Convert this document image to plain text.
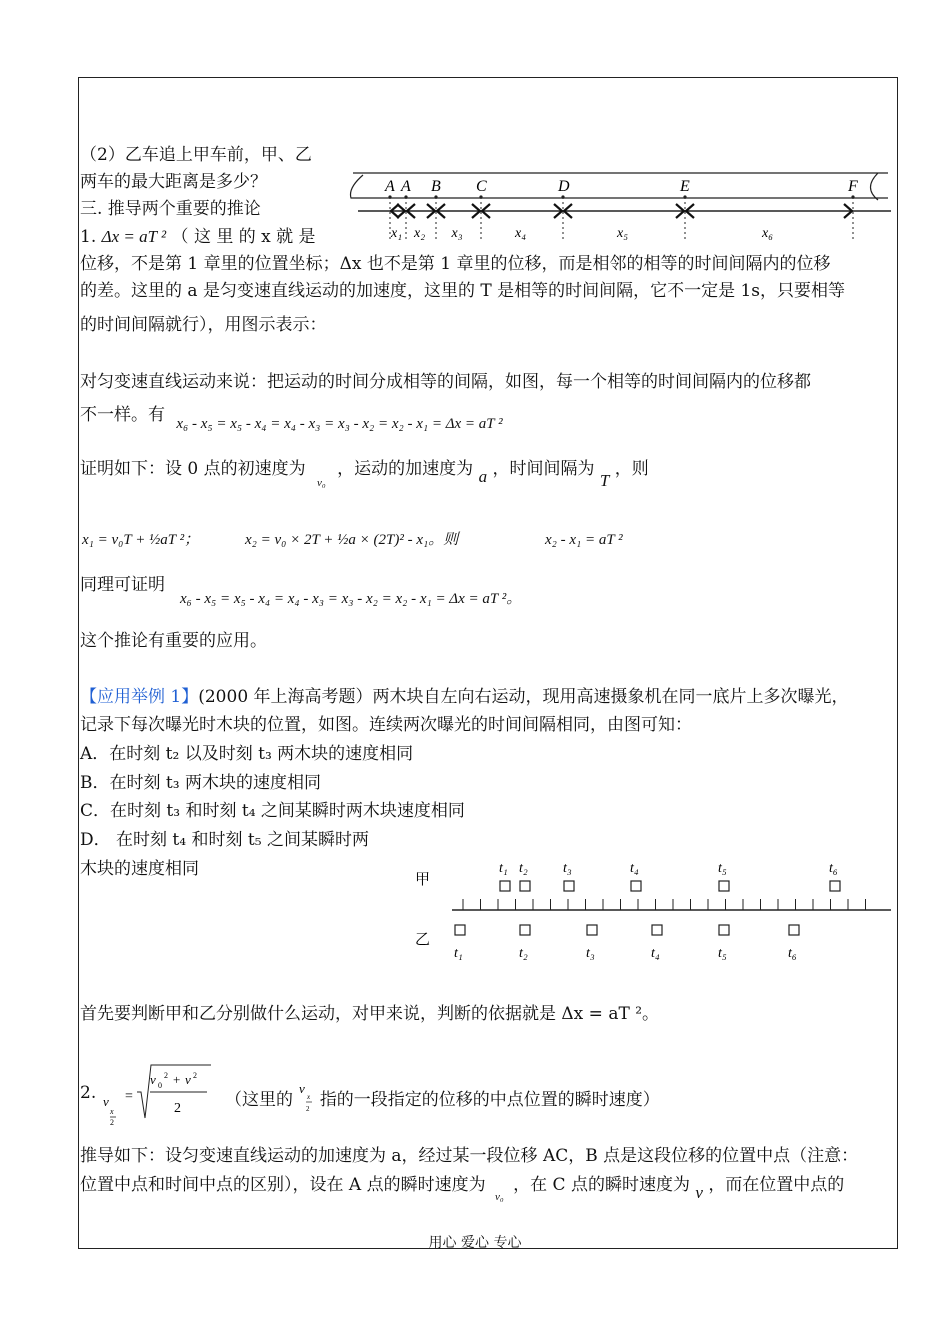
（2）乙车追上甲车前，甲、乙
两车的最大距离是多少？
三. 推导两个重要的推论
1. Δx = aT ² （ 这 里 的 x 就 是
A A B C	D	E	F
x₁ x₂ x₃	x₄	x₅	x₆
位移，不是第 1 章里的位置坐标；Δx 也不是第 1 章里的位移，而是相邻的相等的时间间隔内的位移
的差。这里的 a 是匀变速直线运动的加速度，这里的 T 是相等的时间间隔，它不一定是 1s，只要相等
的时间间隔就行），用图示表示：
对匀变速直线运动来说：把运动的时间分成相等的间隔，如图，每一个相等的时间间隔内的位移都
不一样。有 x₆ - x₅ = x₅ - x₄ = x₄ - x₃ = x₃ - x₂ = x₂ - x₁ = Δx = aT ²
证明如下：设 0 点的初速度为 $_{v_0}$ ，运动的加速度为 a ，时间间隔为 T ，则
x₁ = v₀T + ½aT ²；	x₂ = v₀ × 2T + ½a × (2T)² - x₁。则	x₂ - x₁ = aT ²
同理可证明
x₆ - x₅ = x₅ - x₄ = x₄ - x₃ = x₃ - x₂ = x₂ - x₁ = Δx = aT ²。
这个推论有重要的应用。
【应用举例 1】(2000 年上海高考题）两木块自左向右运动，现用高速摄象机在同一底片上多次曝光，
记录下每次曝光时木块的位置，如图。连续两次曝光的时间间隔相同，由图可知：
A．在时刻 t₂ 以及时刻 t₃ 两木块的速度相同
B．在时刻 t₃ 两木块的速度相同
C．在时刻 t₃ 和时刻 t₄ 之间某瞬时两木块速度相同
D． 在时刻 t₄ 和时刻 t₅ 之间某瞬时两
木块的速度相同	甲
乙
t₁
t₁
t₂
t₂
t₃
t₃
t₄
t₄
t₅
t₅
t₆
t₆
首先要判断甲和乙分别做什么运动，对甲来说，判断的依据就是 Δx = aT ²。
2. v
x
2
=
v 0
2 + v 2
2	（这里的
v
x
2 指的一段指定的位移的中点位置的瞬时速度）
推导如下：设匀变速直线运动的加速度为 a，经过某一段位移 AC，B 点是这段位移的位置中点（注意：
位置中点和时间中点的区别），设在 A 点的瞬时速度为 $_{v_0}$ ，在 C 点的瞬时速度为 v ，而在位置中点的
用心 爱心 专心
